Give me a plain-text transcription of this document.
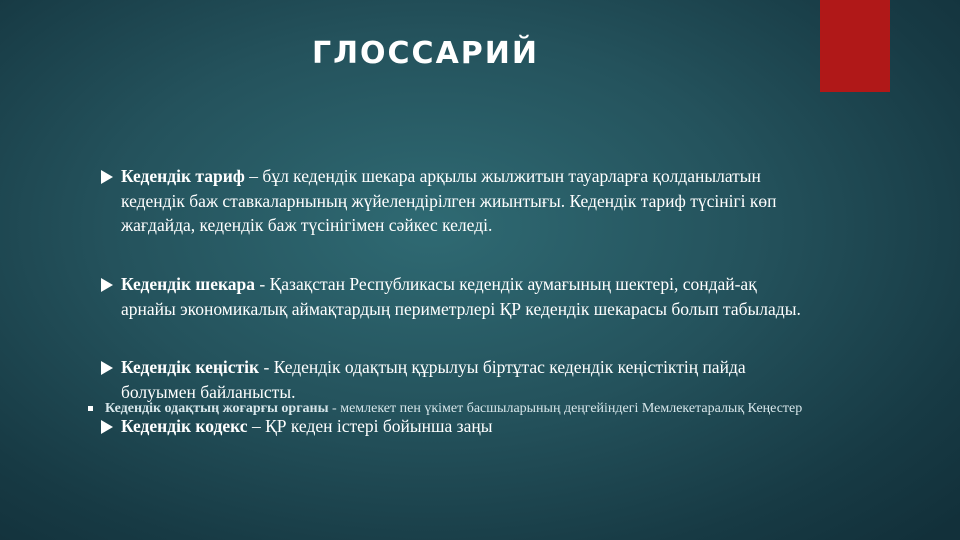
ГЛОССАРИЙ
Кедендік тариф – бұл кедендік шекара арқылы жылжитын тауарларға қолданылатын кедендік баж ставкаларнының жүйелендірілген жиынтығы. Кедендік тариф түсінігі көп жағдайда, кедендік баж түсінігімен сәйкес келеді.
Кедендік шекара - Қазақстан Республикасы кедендік аумағының шектері, сондай-ақ арнайы экономикалық аймақтардың периметрлері ҚР кедендік шекарасы болып табылады.
Кедендік кеңістік - Кедендік одақтың құрылуы біртұтас кедендік кеңістіктің пайда болуымен байланысты.
Кедендік кодекс – ҚР кеден істері бойынша заңы
Кедендік одақтың жоғарғы органы - мемлекет пен үкімет басшыларының деңгейіндегі Мемлекетаралық Кеңестер
